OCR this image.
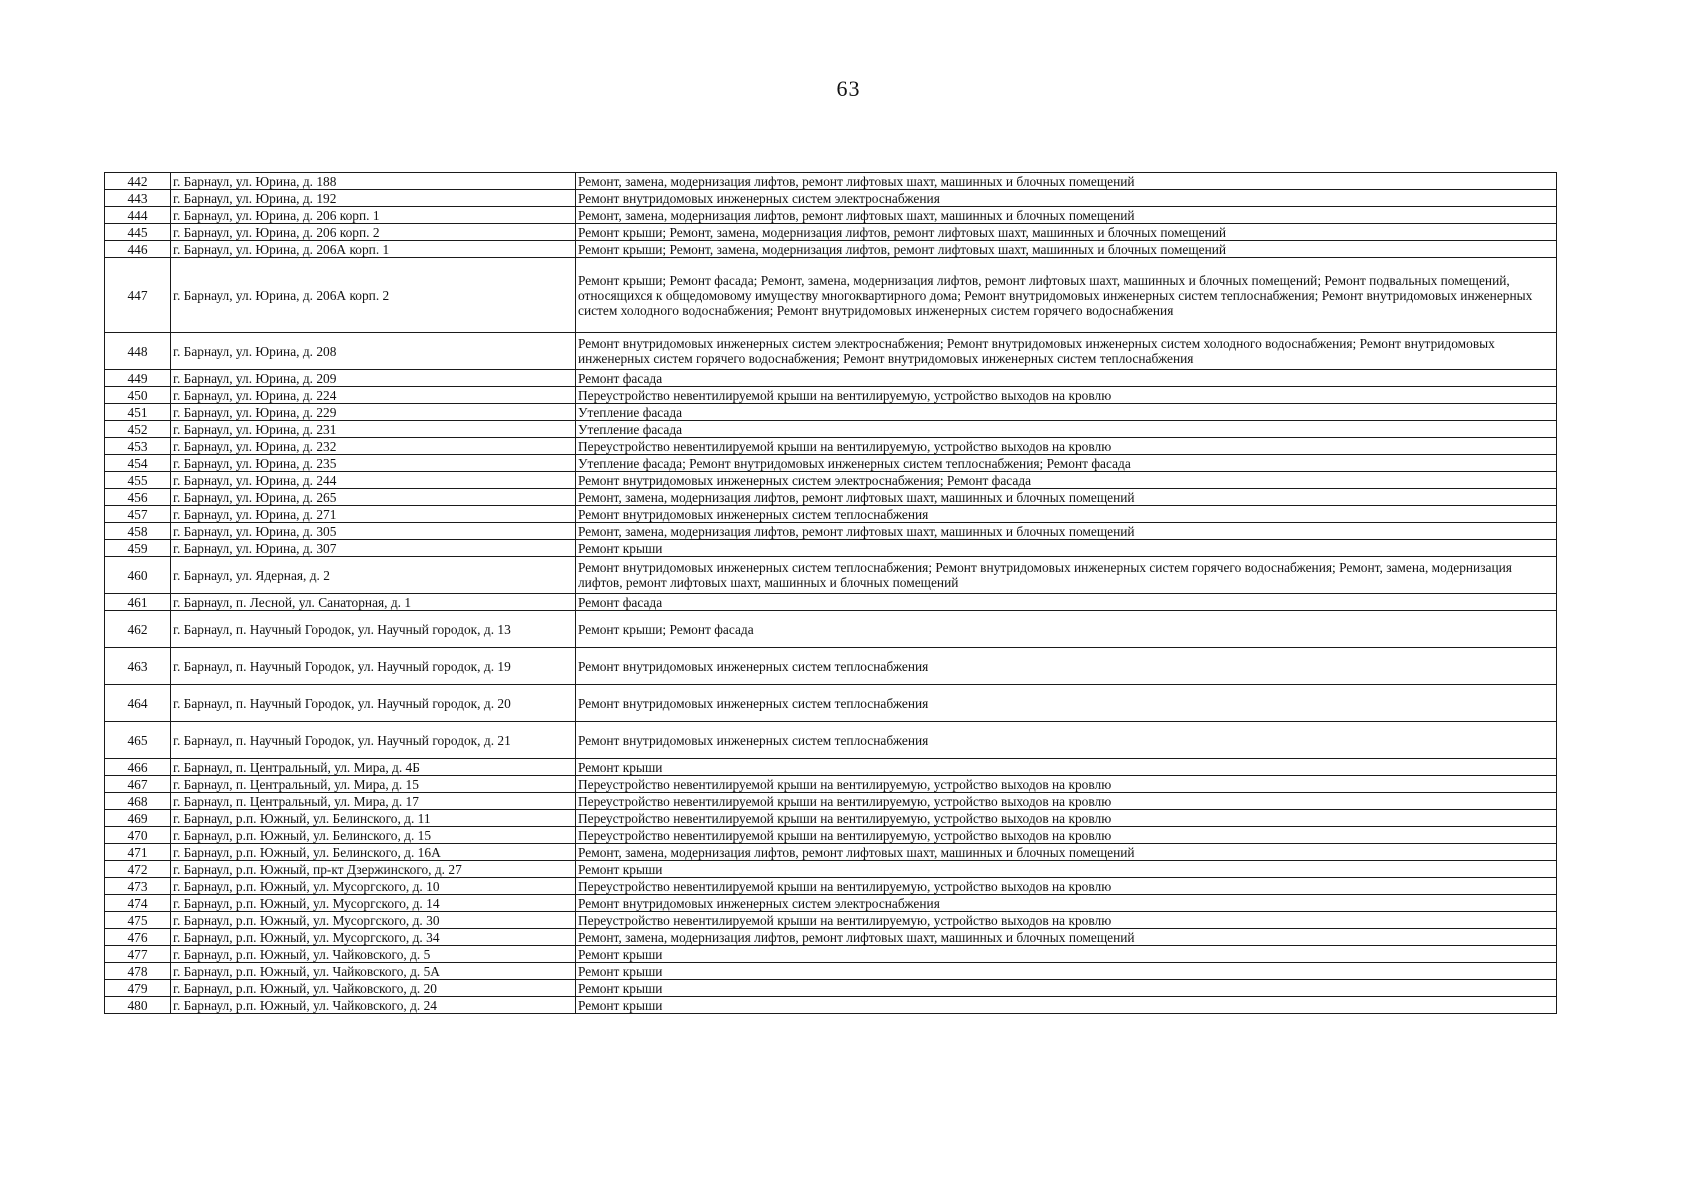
63
442	г. Барнаул, ул. Юрина, д. 188	Ремонт, замена, модернизация лифтов, ремонт лифтовых шахт, машинных и блочных помещений
443	г. Барнаул, ул. Юрина, д. 192	Ремонт внутридомовых инженерных систем электроснабжения
444	г. Барнаул, ул. Юрина, д. 206 корп. 1	Ремонт, замена, модернизация лифтов, ремонт лифтовых шахт, машинных и блочных помещений
445	г. Барнаул, ул. Юрина, д. 206 корп. 2	Ремонт крыши; Ремонт, замена, модернизация лифтов, ремонт лифтовых шахт, машинных и блочных помещений
446	г. Барнаул, ул. Юрина, д. 206А корп. 1	Ремонт крыши; Ремонт, замена, модернизация лифтов, ремонт лифтовых шахт, машинных и блочных помещений
447	г. Барнаул, ул. Юрина, д. 206А корп. 2	Ремонт крыши; Ремонт фасада; Ремонт, замена, модернизация лифтов, ремонт лифтовых шахт, машинных и блочных помещений; Ремонт подвальных помещений, относящихся к общедомовому имуществу многоквартирного дома; Ремонт внутридомовых инженерных систем теплоснабжения; Ремонт внутридомовых инженерных систем холодного водоснабжения; Ремонт внутридомовых инженерных систем горячего водоснабжения
448	г. Барнаул, ул. Юрина, д. 208	Ремонт внутридомовых инженерных систем электроснабжения; Ремонт внутридомовых инженерных систем холодного водоснабжения; Ремонт внутридомовых инженерных систем горячего водоснабжения; Ремонт внутридомовых инженерных систем теплоснабжения
449	г. Барнаул, ул. Юрина, д. 209	Ремонт фасада
450	г. Барнаул, ул. Юрина, д. 224	Переустройство невентилируемой крыши на вентилируемую, устройство выходов на кровлю
451	г. Барнаул, ул. Юрина, д. 229	Утепление фасада
452	г. Барнаул, ул. Юрина, д. 231	Утепление фасада
453	г. Барнаул, ул. Юрина, д. 232	Переустройство невентилируемой крыши на вентилируемую, устройство выходов на кровлю
454	г. Барнаул, ул. Юрина, д. 235	Утепление фасада; Ремонт внутридомовых инженерных систем теплоснабжения; Ремонт фасада
455	г. Барнаул, ул. Юрина, д. 244	Ремонт внутридомовых инженерных систем электроснабжения; Ремонт фасада
456	г. Барнаул, ул. Юрина, д. 265	Ремонт, замена, модернизация лифтов, ремонт лифтовых шахт, машинных и блочных помещений
457	г. Барнаул, ул. Юрина, д. 271	Ремонт внутридомовых инженерных систем теплоснабжения
458	г. Барнаул, ул. Юрина, д. 305	Ремонт, замена, модернизация лифтов, ремонт лифтовых шахт, машинных и блочных помещений
459	г. Барнаул, ул. Юрина, д. 307	Ремонт крыши
460	г. Барнаул, ул. Ядерная, д. 2	Ремонт внутридомовых инженерных систем теплоснабжения; Ремонт внутридомовых инженерных систем горячего водоснабжения; Ремонт, замена, модернизация лифтов, ремонт лифтовых шахт, машинных и блочных помещений
461	г. Барнаул, п. Лесной, ул. Санаторная, д. 1	Ремонт фасада
462	г. Барнаул, п. Научный Городок, ул. Научный городок, д. 13	Ремонт крыши; Ремонт фасада
463	г. Барнаул, п. Научный Городок, ул. Научный городок, д. 19	Ремонт внутридомовых инженерных систем теплоснабжения
464	г. Барнаул, п. Научный Городок, ул. Научный городок, д. 20	Ремонт внутридомовых инженерных систем теплоснабжения
465	г. Барнаул, п. Научный Городок, ул. Научный городок, д. 21	Ремонт внутридомовых инженерных систем теплоснабжения
466	г. Барнаул, п. Центральный, ул. Мира, д. 4Б	Ремонт крыши
467	г. Барнаул, п. Центральный, ул. Мира, д. 15	Переустройство невентилируемой крыши на вентилируемую, устройство выходов на кровлю
468	г. Барнаул, п. Центральный, ул. Мира, д. 17	Переустройство невентилируемой крыши на вентилируемую, устройство выходов на кровлю
469	г. Барнаул, р.п. Южный, ул. Белинского, д. 11	Переустройство невентилируемой крыши на вентилируемую, устройство выходов на кровлю
470	г. Барнаул, р.п. Южный, ул. Белинского, д. 15	Переустройство невентилируемой крыши на вентилируемую, устройство выходов на кровлю
471	г. Барнаул, р.п. Южный, ул. Белинского, д. 16А	Ремонт, замена, модернизация лифтов, ремонт лифтовых шахт, машинных и блочных помещений
472	г. Барнаул, р.п. Южный, пр-кт Дзержинского, д. 27	Ремонт крыши
473	г. Барнаул, р.п. Южный, ул. Мусоргского, д. 10	Переустройство невентилируемой крыши на вентилируемую, устройство выходов на кровлю
474	г. Барнаул, р.п. Южный, ул. Мусоргского, д. 14	Ремонт внутридомовых инженерных систем электроснабжения
475	г. Барнаул, р.п. Южный, ул. Мусоргского, д. 30	Переустройство невентилируемой крыши на вентилируемую, устройство выходов на кровлю
476	г. Барнаул, р.п. Южный, ул. Мусоргского, д. 34	Ремонт, замена, модернизация лифтов, ремонт лифтовых шахт, машинных и блочных помещений
477	г. Барнаул, р.п. Южный, ул. Чайковского, д. 5	Ремонт крыши
478	г. Барнаул, р.п. Южный, ул. Чайковского, д. 5А	Ремонт крыши
479	г. Барнаул, р.п. Южный, ул. Чайковского, д. 20	Ремонт крыши
480	г. Барнаул, р.п. Южный, ул. Чайковского, д. 24	Ремонт крыши
